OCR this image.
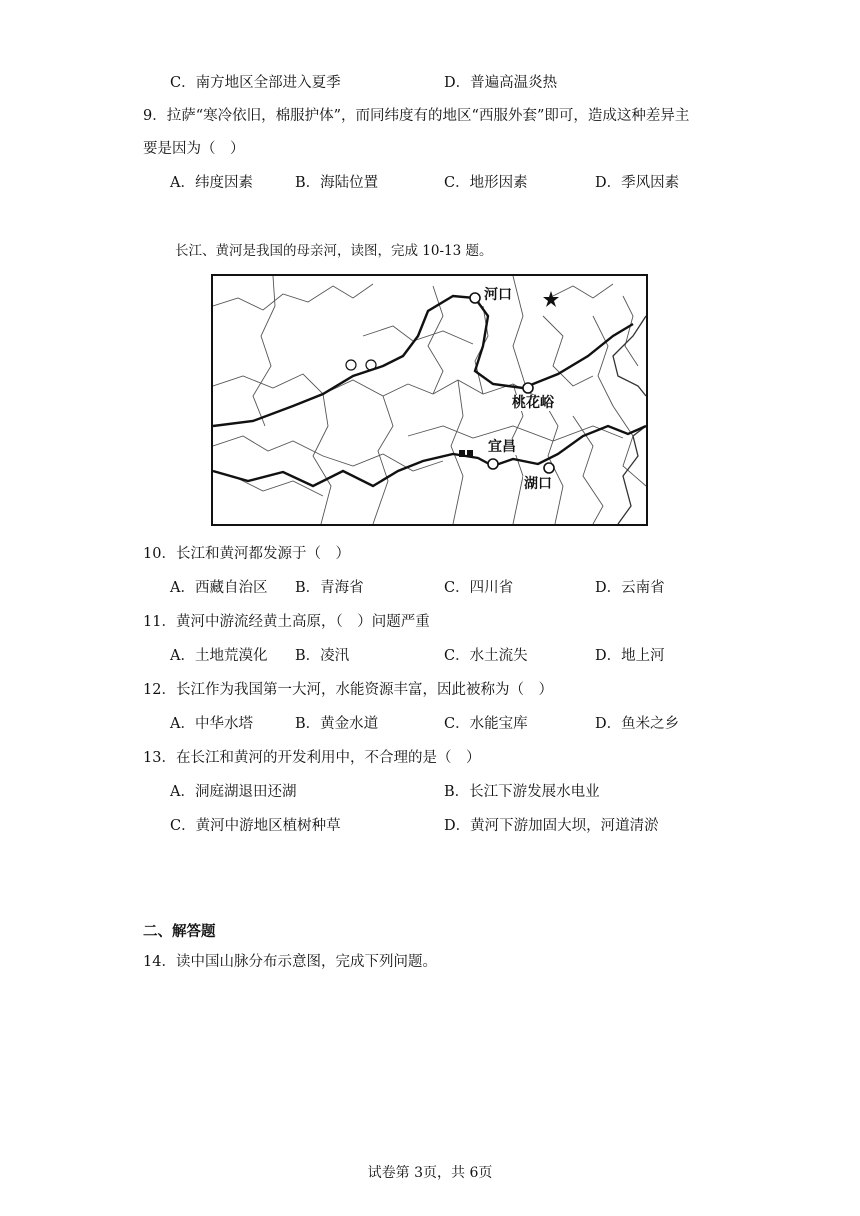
C．南方地区全部进入夏季	D．普遍高温炎热
9．拉萨“寒冷依旧，棉服护体”，而同纬度有的地区“西服外套”即可，造成这种差异主
要是因为（　）
A．纬度因素	B．海陆位置	C．地形因素	D．季风因素
长江、黄河是我国的母亲河，读图，完成 10-13 题。
河口
桃花峪
宜昌
湖口
10．长江和黄河都发源于（　）
A．西藏自治区 B．青海省	C．四川省	D．云南省
11．黄河中游流经黄土高原，（　）问题严重
A．土地荒漠化 B．凌汛	C．水土流失	D．地上河
12．长江作为我国第一大河，水能资源丰富，因此被称为（　）
A．中华水塔	B．黄金水道	C．水能宝库	D．鱼米之乡
13．在长江和黄河的开发利用中，不合理的是（　）
A．洞庭湖退田还湖	B．长江下游发展水电业
C．黄河中游地区植树种草	D．黄河下游加固大坝，河道清淤
二、解答题
14．读中国山脉分布示意图，完成下列问题。
试卷第 3页，共 6页
